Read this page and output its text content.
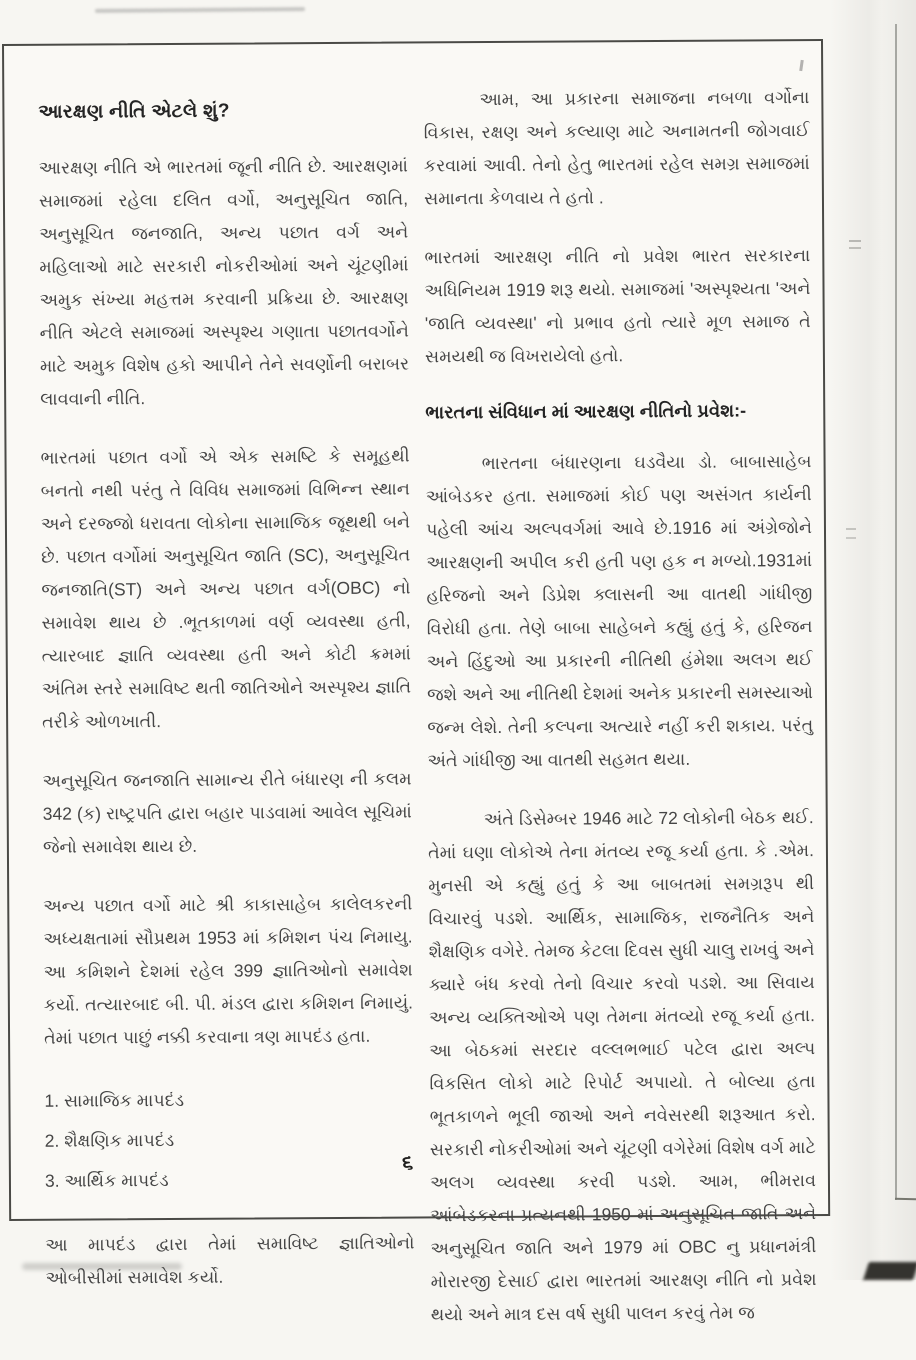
આરક્ષણ નીતિ એટલે શું?

આરક્ષણ નીતિ એ ભારતમાં જૂની નીતિ છે. આરક્ષણમાં સમાજમાં રહેલા દલિત વર્ગો, અનુસૂચિત જાતિ, અનુસૂચિત જનજાતિ, અન્ય પછાત વર્ગ અને મહિલાઓ માટે સરકારી નોકરીઓમાં અને ચૂંટણીમાં અમુક સંખ્યા મહત્તમ કરવાની પ્રક્રિયા છે. આરક્ષણ નીતિ એટલે સમાજમાં અસ્પૃશ્ય ગણાતા પછાતવર્ગોને માટે અમુક વિશેષ હકો આપીને તેને સવર્ણોની બરાબર લાવવાની નીતિ.

ભારતમાં પછાત વર્ગો એ એક સમષ્ટિ કે સમૂહથી બનતો નથી પરંતુ તે વિવિધ સમાજમાં વિભિન્ન સ્થાન અને દરજ્જો ધરાવતા લોકોના સામાજિક જૂથથી બને છે. પછાત વર્ગોમાં અનુસૂચિત જાતિ (SC), અનુસૂચિત જનજાતિ(ST) અને અન્ય પછાત વર્ગ(OBC) નો સમાવેશ થાય છે .ભૂતકાળમાં વર્ણ વ્યવસ્થા હતી, ત્યારબાદ જ્ઞાતિ વ્યવસ્થા હતી અને કોટી ક્રમમાં અંતિમ સ્તરે સમાવિષ્ટ થતી જાતિઓને અસ્પૃશ્ય જ્ઞાતિ તરીકે ઓળખાતી.

અનુસૂચિત જનજાતિ સામાન્ય રીતે બંધારણ ની કલમ 342 (ક) રાષ્ટ્રપતિ દ્વારા બહાર પાડવામાં આવેલ સૂચિમાં જેનો સમાવેશ થાય છે.

અન્ય પછાત વર્ગો માટે શ્રી કાકાસાહેબ કાલેલકરની અધ્યક્ષતામાં સૌપ્રથમ 1953 માં કમિશન પંચ નિમાયુ. આ કમિશને દેશમાં રહેલ 399 જ્ઞાતિઓનો સમાવેશ કર્યો. તત્યારબાદ બી. પી. મંડલ દ્વારા કમિશન નિમાયું. તેમાં પછાત પાછું નક્કી કરવાના ત્રણ માપદંડ હતા.

1. સામાજિક માપદંડ
2. શૈક્ષણિક માપદંડ
3. આર્થિક માપદંડ

આ માપદંડ દ્વારા તેમાં સમાવિષ્ટ જ્ઞાતિઓનો ઓબીસીમાં સમાવેશ કર્યો.

આમ, આ પ્રકારના સમાજના નબળા વર્ગોના વિકાસ, રક્ષણ અને કલ્યાણ માટે અનામતની જોગવાઈ કરવામાં આવી. તેનો હેતુ ભારતમાં રહેલ સમગ્ર સમાજમાં સમાનતા કેળવાય તે હતો .

ભારતમાં આરક્ષણ નીતિ નો પ્રવેશ ભારત સરકારના અધિનિયમ 1919 શરૂ થયો. સમાજમાં 'અસ્પૃશ્યતા 'અને 'જાતિ વ્યવસ્થા' નો પ્રભાવ હતો ત્યારે મૂળ સમાજ તે સમયથી જ વિખરાયેલો હતો.

ભારતના સંવિધાન માં આરક્ષણ નીતિનો પ્રવેશ:-

ભારતના બંધારણના ઘડવૈયા ડો. બાબાસાહેબ આંબેડકર હતા. સમાજમાં કોઈ પણ અસંગત કાર્યની પહેલી આંચ અલ્પવર્ગમાં આવે છે.1916 માં અંગ્રેજોને આરક્ષણની અપીલ કરી હતી પણ હક ન મળ્યો.1931માં હરિજનો અને ડિપ્રેશ ક્લાસની આ વાતથી ગાંધીજી વિરોધી હતા. તેણે બાબા સાહેબને કહ્યું હતું કે, હરિજન અને હિંદુઓ આ પ્રકારની નીતિથી હંમેશા અલગ થઈ જશે અને આ નીતિથી દેશમાં અનેક પ્રકારની સમસ્યાઓ જન્મ લેશે. તેની કલ્પના અત્યારે નહીં કરી શકાય. પરંતુ અંતે ગાંધીજી આ વાતથી સહમત થયા.

અંતે ડિસેમ્બર 1946 માટે 72 લોકોની બેઠક થઈ. તેમાં ઘણા લોકોએ તેના મંતવ્ય રજૂ કર્યા હતા. કે .એમ. મુનસી એ કહ્યું હતું કે આ બાબતમાં સમગ્રરૂપ થી વિચારવું પડશે. આર્થિક, સામાજિક, રાજનૈતિક અને શૈક્ષણિક વગેરે. તેમજ કેટલા દિવસ સુધી ચાલુ રાખવું અને ક્યારે બંધ કરવો તેનો વિચાર કરવો પડશે. આ સિવાય અન્ય વ્યક્તિઓએ પણ તેમના મંતવ્યો રજૂ કર્યા હતા. આ બેઠકમાં સરદાર વલ્લભભાઈ પટેલ દ્વારા અલ્પ વિકસિત લોકો માટે રિપોર્ટ અપાયો. તે બોલ્યા હતા ભૂતકાળને ભૂલી જાઓ અને નવેસરથી શરૂઆત કરો. સરકારી નોકરીઓમાં અને ચૂંટણી વગેરેમાં વિશેષ વર્ગ માટે અલગ વ્યવસ્થા કરવી પડશે. આમ, ભીમરાવ આંબેડકરના પ્રત્યનથી 1950 માં અનુસૂચિત જાતિ અને અનુસૂચિત જાતિ અને 1979 માં OBC નુ પ્રધાનમંત્રી મોરારજી દેસાઈ દ્વારા ભારતમાં આરક્ષણ નીતિ નો પ્રવેશ થયો અને માત્ર દસ વર્ષ સુધી પાલન કરવું તેમ જ

૬
